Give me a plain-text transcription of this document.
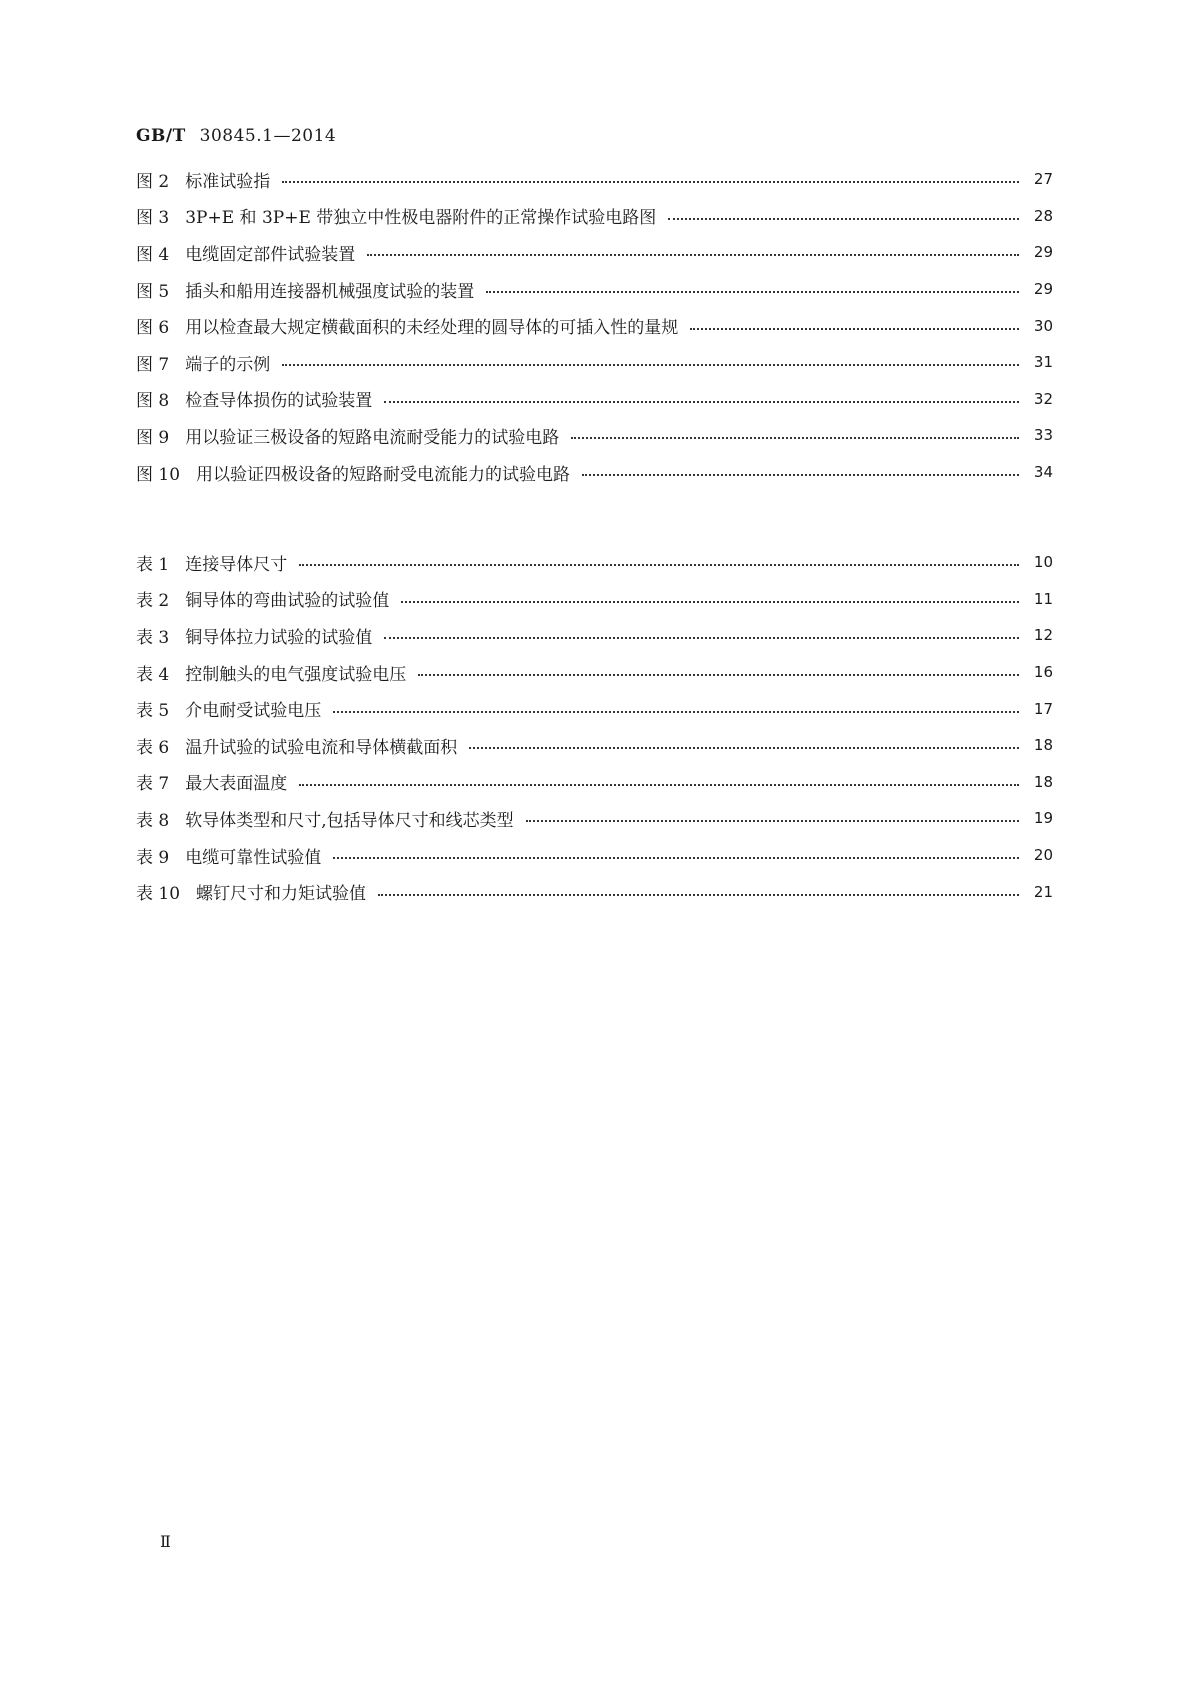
GB/T 30845.1—2014
图 2 标准试验指	27
图 3 3P+E 和 3P+E 带独立中性极电器附件的正常操作试验电路图	28
图 4 电缆固定部件试验装置	29
图 5 插头和船用连接器机械强度试验的装置	29
图 6 用以检查最大规定横截面积的未经处理的圆导体的可插入性的量规	30
图 7 端子的示例	31
图 8 检查导体损伤的试验装置	32
图 9 用以验证三极设备的短路电流耐受能力的试验电路	33
图 10 用以验证四极设备的短路耐受电流能力的试验电路	34
表 1 连接导体尺寸	10
表 2 铜导体的弯曲试验的试验值	11
表 3 铜导体拉力试验的试验值	12
表 4 控制触头的电气强度试验电压	16
表 5 介电耐受试验电压	17
表 6 温升试验的试验电流和导体横截面积	18
表 7 最大表面温度	18
表 8 软导体类型和尺寸,包括导体尺寸和线芯类型	19
表 9 电缆可靠性试验值	20
表 10 螺钉尺寸和力矩试验值	21
Ⅱ
